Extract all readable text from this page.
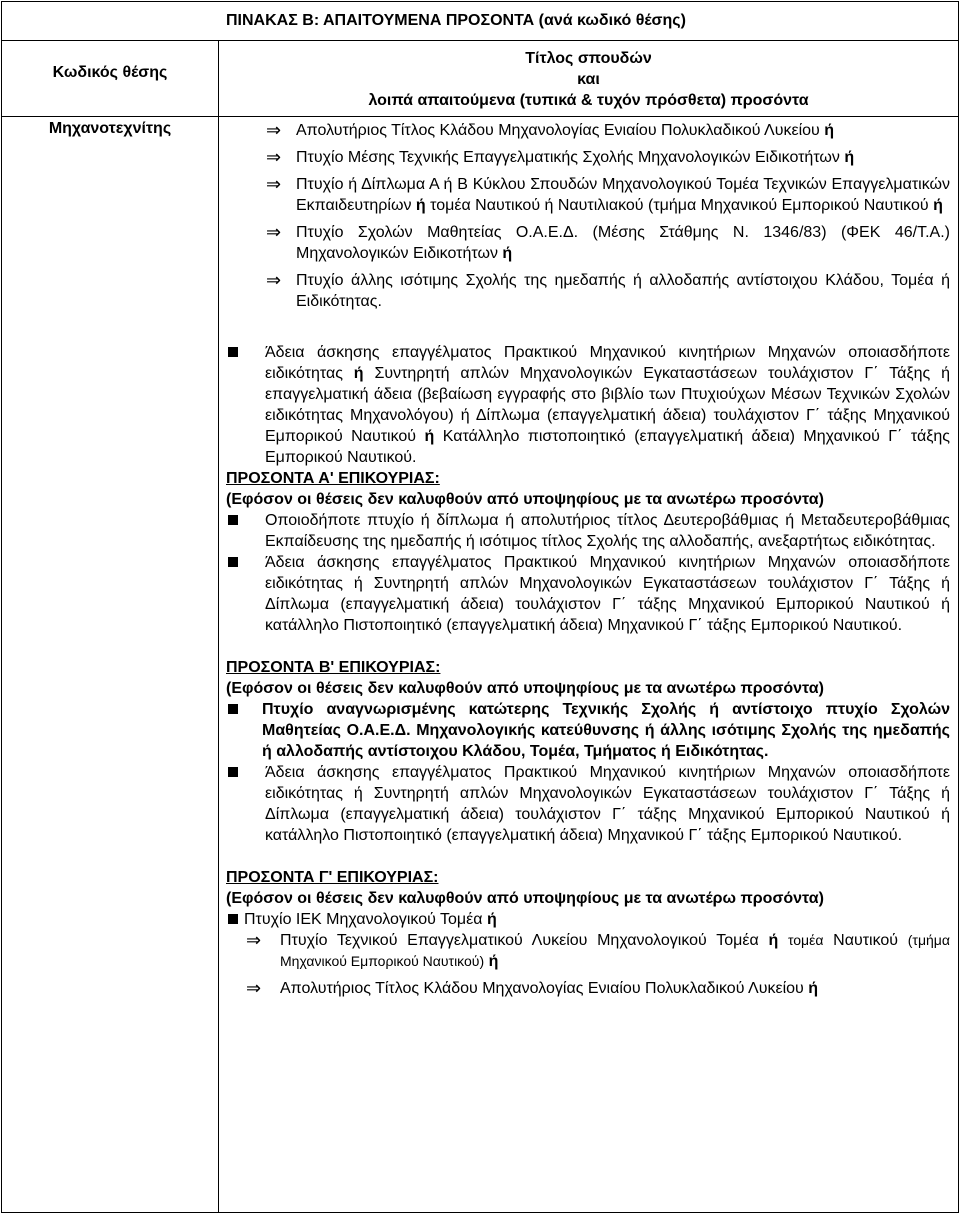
ΠΙΝΑΚΑΣ Β: ΑΠΑΙΤΟΥΜΕΝΑ ΠΡΟΣΟΝΤΑ (ανά κωδικό θέσης)
Κωδικός θέσης
Τίτλος σπουδών
και
λοιπά απαιτούμενα (τυπικά & τυχόν πρόσθετα) προσόντα
Μηχανοτεχνίτης	⇒ Απολυτήριος Τίτλος Κλάδου Μηχανολογίας Ενιαίου Πολυκλαδικού Λυκείου ή
⇒ Πτυχίο Μέσης Τεχνικής Επαγγελματικής Σχολής Μηχανολογικών Ειδικοτήτων ή
⇒ Πτυχίο ή Δίπλωμα Α ή Β Κύκλου Σπουδών Μηχανολογικού Τομέα Τεχνικών Επαγγελματικών Εκπαιδευτηρίων ή τομέα Ναυτικού ή Ναυτιλιακού (τμήμα Μηχανικού Εμπορικού Ναυτικού ή
⇒ Πτυχίο Σχολών Μαθητείας Ο.Α.Ε.Δ. (Μέσης Στάθμης Ν. 1346/83) (ΦΕΚ 46/Τ.Α.) Μηχανολογικών Ειδικοτήτων ή
⇒ Πτυχίο άλλης ισότιμης Σχολής της ημεδαπής ή αλλοδαπής αντίστοιχου Κλάδου, Τομέα ή Ειδικότητας.
Άδεια άσκησης επαγγέλματος Πρακτικού Μηχανικού κινητήριων Μηχανών οποιασδήποτε ειδικότητας ή Συντηρητή απλών Μηχανολογικών Εγκαταστάσεων τουλάχιστον Γ΄ Τάξης ή επαγγελματική άδεια (βεβαίωση εγγραφής στο βιβλίο των Πτυχιούχων Μέσων Τεχνικών Σχολών ειδικότητας Μηχανολόγου) ή Δίπλωμα (επαγγελματική άδεια) τουλάχιστον Γ΄ τάξης Μηχανικού Εμπορικού Ναυτικού ή Κατάλληλο πιστοποιητικό (επαγγελματική άδεια) Μηχανικού Γ΄ τάξης Εμπορικού Ναυτικού.
ΠΡΟΣΟΝΤΑ Α' ΕΠΙΚΟΥΡΙΑΣ:
(Εφόσον οι θέσεις δεν καλυφθούν από υποψηφίους με τα ανωτέρω προσόντα)
Οποιοδήποτε πτυχίο ή δίπλωμα ή απολυτήριος τίτλος Δευτεροβάθμιας ή Μεταδευτεροβάθμιας Εκπαίδευσης της ημεδαπής ή ισότιμος τίτλος Σχολής της αλλοδαπής, ανεξαρτήτως ειδικότητας.
Άδεια άσκησης επαγγέλματος Πρακτικού Μηχανικού κινητήριων Μηχανών οποιασδήποτε ειδικότητας ή Συντηρητή απλών Μηχανολογικών Εγκαταστάσεων τουλάχιστον Γ΄ Τάξης ή Δίπλωμα (επαγγελματική άδεια) τουλάχιστον Γ΄ τάξης Μηχανικού Εμπορικού Ναυτικού ή κατάλληλο Πιστοποιητικό (επαγγελματική άδεια) Μηχανικού Γ΄ τάξης Εμπορικού Ναυτικού.
ΠΡΟΣΟΝΤΑ Β' ΕΠΙΚΟΥΡΙΑΣ:
(Εφόσον οι θέσεις δεν καλυφθούν από υποψηφίους με τα ανωτέρω προσόντα)
Πτυχίο αναγνωρισμένης κατώτερης Τεχνικής Σχολής ή αντίστοιχο πτυχίο Σχολών Μαθητείας Ο.Α.Ε.Δ. Μηχανολογικής κατεύθυνσης ή άλλης ισότιμης Σχολής της ημεδαπής ή αλλοδαπής αντίστοιχου Κλάδου, Τομέα, Τμήματος ή Ειδικότητας.
Άδεια άσκησης επαγγέλματος Πρακτικού Μηχανικού κινητήριων Μηχανών οποιασδήποτε ειδικότητας ή Συντηρητή απλών Μηχανολογικών Εγκαταστάσεων τουλάχιστον Γ΄ Τάξης ή Δίπλωμα (επαγγελματική άδεια) τουλάχιστον Γ΄ τάξης Μηχανικού Εμπορικού Ναυτικού ή κατάλληλο Πιστοποιητικό (επαγγελματική άδεια) Μηχανικού Γ΄ τάξης Εμπορικού Ναυτικού.
ΠΡΟΣΟΝΤΑ Γ' ΕΠΙΚΟΥΡΙΑΣ:
(Εφόσον οι θέσεις δεν καλυφθούν από υποψηφίους με τα ανωτέρω προσόντα)
Πτυχίο ΙΕΚ Μηχανολογικού Τομέα ή
⇒ Πτυχίο Τεχνικού Επαγγελματικού Λυκείου Μηχανολογικού Τομέα ή τομέα Ναυτικού (τμήμα Μηχανικού Εμπορικού Ναυτικού) ή
⇒ Απολυτήριος Τίτλος Κλάδου Μηχανολογίας Ενιαίου Πολυκλαδικού Λυκείου ή
